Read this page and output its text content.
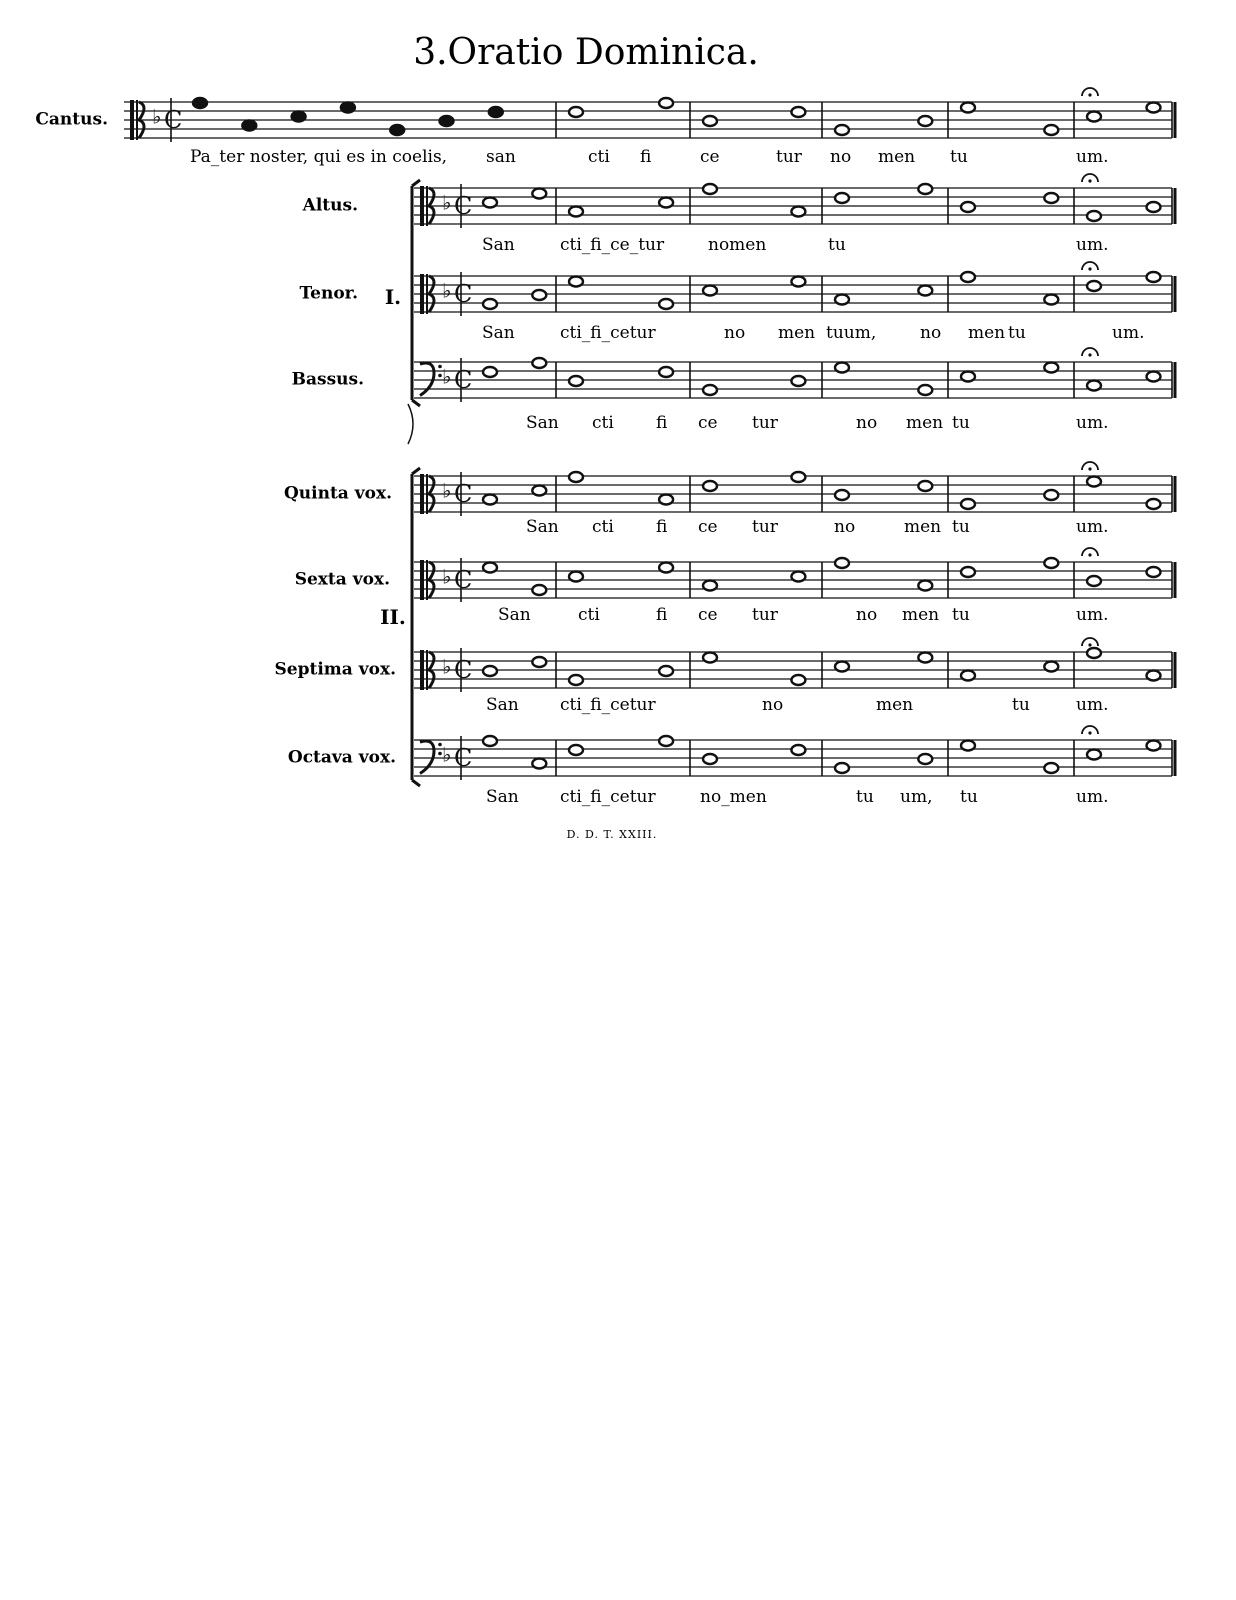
3.Oratio Dominica.
♭ C
Cantus.
Pa_ter noster, qui es in coelis, san	cti fi	ce	tur no men tu	um.
♭ C
Altus.
San	cti_fi_ce_tur	nomen	tu	um.
♭ C
Tenor.
San	cti_fi_cetur	no men tuum,	no men tu	um.
♭ C
Bassus.
San cti fi ce tur	no men tu	um.
♭ C
Quinta vox.
San cti fi ce tur	no	men tu	um.
♭ C
Sexta vox.
San	cti	fi ce tur	no men tu	um.
♭ C
Septima vox.
San cti_fi_cetur	no	men	tu	um.
♭ C
Octava vox.
San cti_fi_cetur	no_men	tu um, tu	um.
I.
II.
D. D. T. XXIII.
